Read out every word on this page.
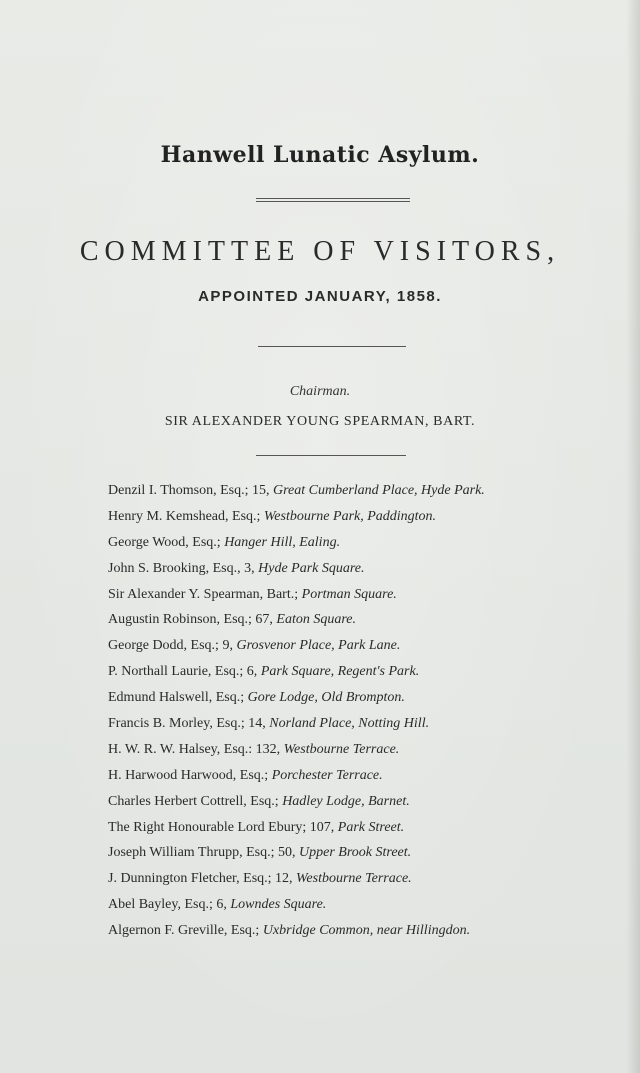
Hanwell Lunatic Asylum.
COMMITTEE OF VISITORS,
APPOINTED JANUARY, 1858.
Chairman.
SIR ALEXANDER YOUNG SPEARMAN, BART.
Denzil I. Thomson, Esq.; 15, Great Cumberland Place, Hyde Park.
Henry M. Kemshead, Esq.; Westbourne Park, Paddington.
George Wood, Esq.; Hanger Hill, Ealing.
John S. Brooking, Esq., 3, Hyde Park Square.
Sir Alexander Y. Spearman, Bart.; Portman Square.
Augustin Robinson, Esq.; 67, Eaton Square.
George Dodd, Esq.; 9, Grosvenor Place, Park Lane.
P. Northall Laurie, Esq.; 6, Park Square, Regent's Park.
Edmund Halswell, Esq.; Gore Lodge, Old Brompton.
Francis B. Morley, Esq.; 14, Norland Place, Notting Hill.
H. W. R. W. Halsey, Esq.: 132, Westbourne Terrace.
H. Harwood Harwood, Esq.; Porchester Terrace.
Charles Herbert Cottrell, Esq.; Hadley Lodge, Barnet.
The Right Honourable Lord Ebury; 107, Park Street.
Joseph William Thrupp, Esq.; 50, Upper Brook Street.
J. Dunnington Fletcher, Esq.; 12, Westbourne Terrace.
Abel Bayley, Esq.; 6, Lowndes Square.
Algernon F. Greville, Esq.; Uxbridge Common, near Hillingdon.
